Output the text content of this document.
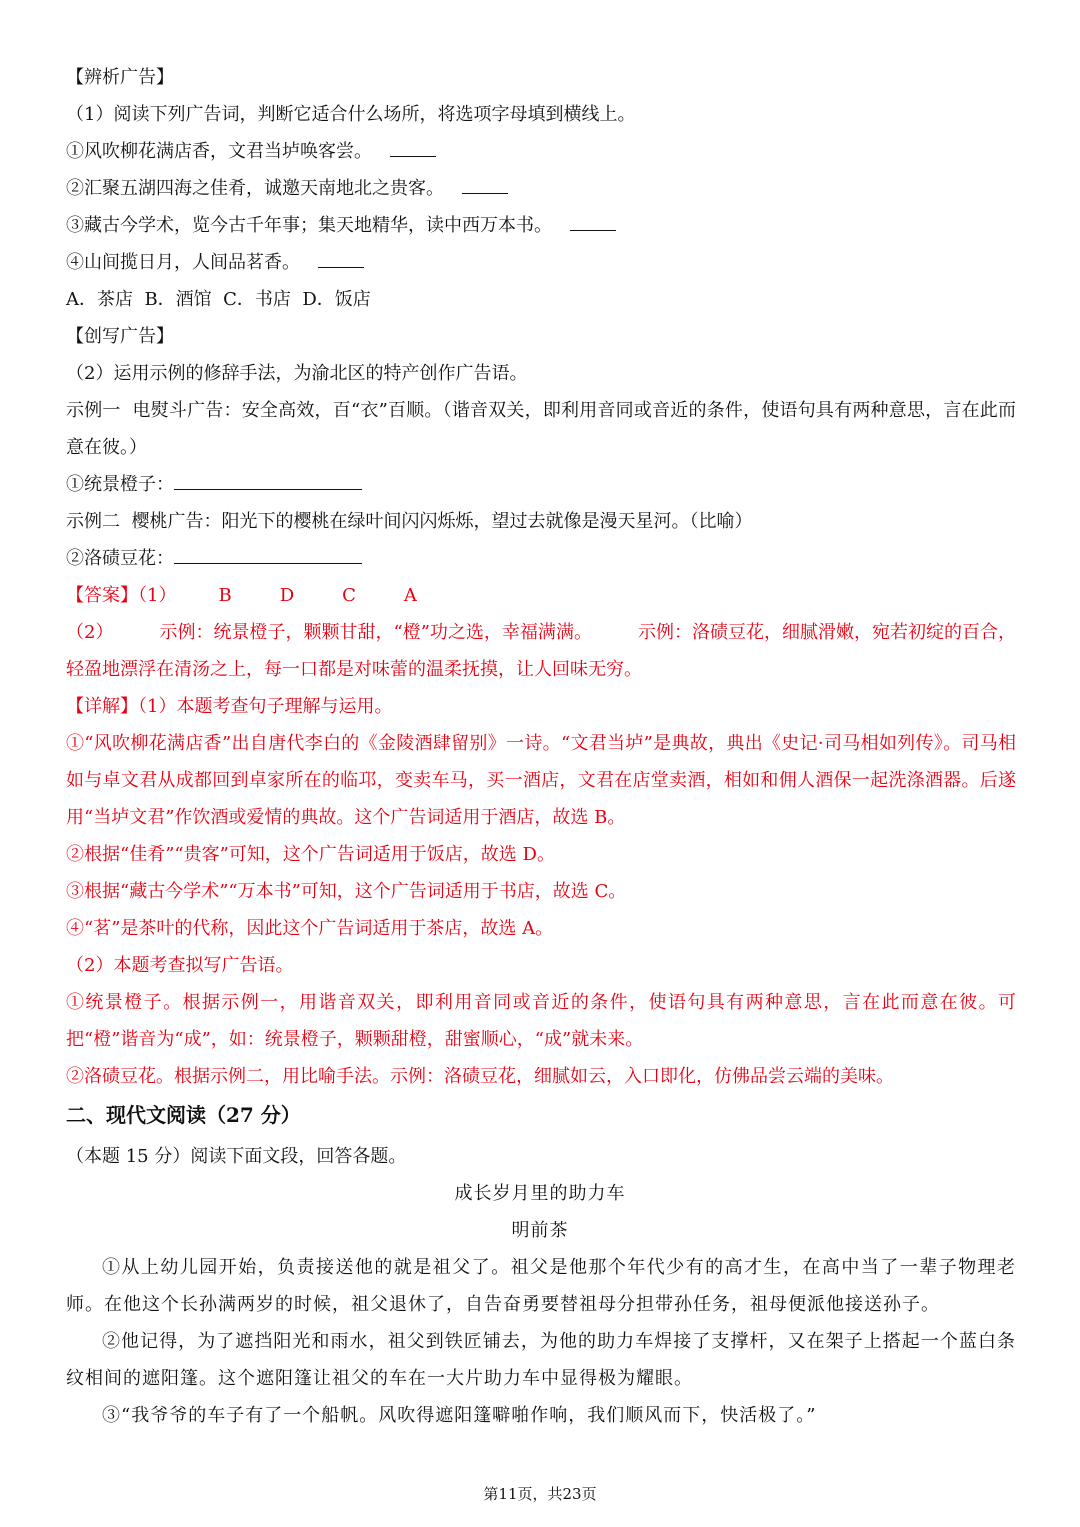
【辨析广告】
（1）阅读下列广告词，判断它适合什么场所，将选项字母填到横线上。
①风吹柳花满店香，文君当垆唤客尝。
②汇聚五湖四海之佳肴，诚邀天南地北之贵客。
③藏古今学术，览今古千年事；集天地精华，读中西万本书。
④山间揽日月，人间品茗香。
A．茶店  B．酒馆  C．书店  D．饭店
【创写广告】
（2）运用示例的修辞手法，为渝北区的特产创作广告语。
示例一  电熨斗广告：安全高效，百“衣”百顺。（谐音双关，即利用音同或音近的条件，使语句具有两种意思，言在此而意在彼。）
①统景橙子：
示例二  樱桃广告：阳光下的樱桃在绿叶间闪闪烁烁，望过去就像是漫天星河。（比喻）
②洛碛豆花：
【答案】（1） B	D	C	A
（2）	示例：统景橙子，颗颗甘甜，“橙”功之选，幸福满满。	示例：洛碛豆花，细腻滑嫩，宛若初绽的百合，轻盈地漂浮在清汤之上，每一口都是对味蕾的温柔抚摸，让人回味无穷。
【详解】（1）本题考查句子理解与运用。
①“风吹柳花满店香”出自唐代李白的《金陵酒肆留别》一诗。“文君当垆”是典故，典出《史记·司马相如列传》。司马相如与卓文君从成都回到卓家所在的临邛，变卖车马，买一酒店，文君在店堂卖酒，相如和佣人酒保一起洗涤酒器。后遂用“当垆文君”作饮酒或爱情的典故。这个广告词适用于酒店，故选 B。
②根据“佳肴”“贵客”可知，这个广告词适用于饭店，故选 D。
③根据“藏古今学术”“万本书”可知，这个广告词适用于书店，故选 C。
④“茗”是茶叶的代称，因此这个广告词适用于茶店，故选 A。
（2）本题考查拟写广告语。
①统景橙子。根据示例一，用谐音双关，即利用音同或音近的条件，使语句具有两种意思，言在此而意在彼。可把“橙”谐音为“成”，如：统景橙子，颗颗甜橙，甜蜜顺心，“成”就未来。
②洛碛豆花。根据示例二，用比喻手法。示例：洛碛豆花，细腻如云，入口即化，仿佛品尝云端的美味。
二、现代文阅读（27 分）
（本题 15 分）阅读下面文段，回答各题。
成长岁月里的助力车
明前茶
①从上幼儿园开始，负责接送他的就是祖父了。祖父是他那个年代少有的高才生，在高中当了一辈子物理老师。在他这个长孙满两岁的时候，祖父退休了，自告奋勇要替祖母分担带孙任务，祖母便派他接送孙子。
②他记得，为了遮挡阳光和雨水，祖父到铁匠铺去，为他的助力车焊接了支撑杆，又在架子上搭起一个蓝白条纹相间的遮阳篷。这个遮阳篷让祖父的车在一大片助力车中显得极为耀眼。
③“我爷爷的车子有了一个船帆。风吹得遮阳篷噼啪作响，我们顺风而下，快活极了。”
第11页，共23页
